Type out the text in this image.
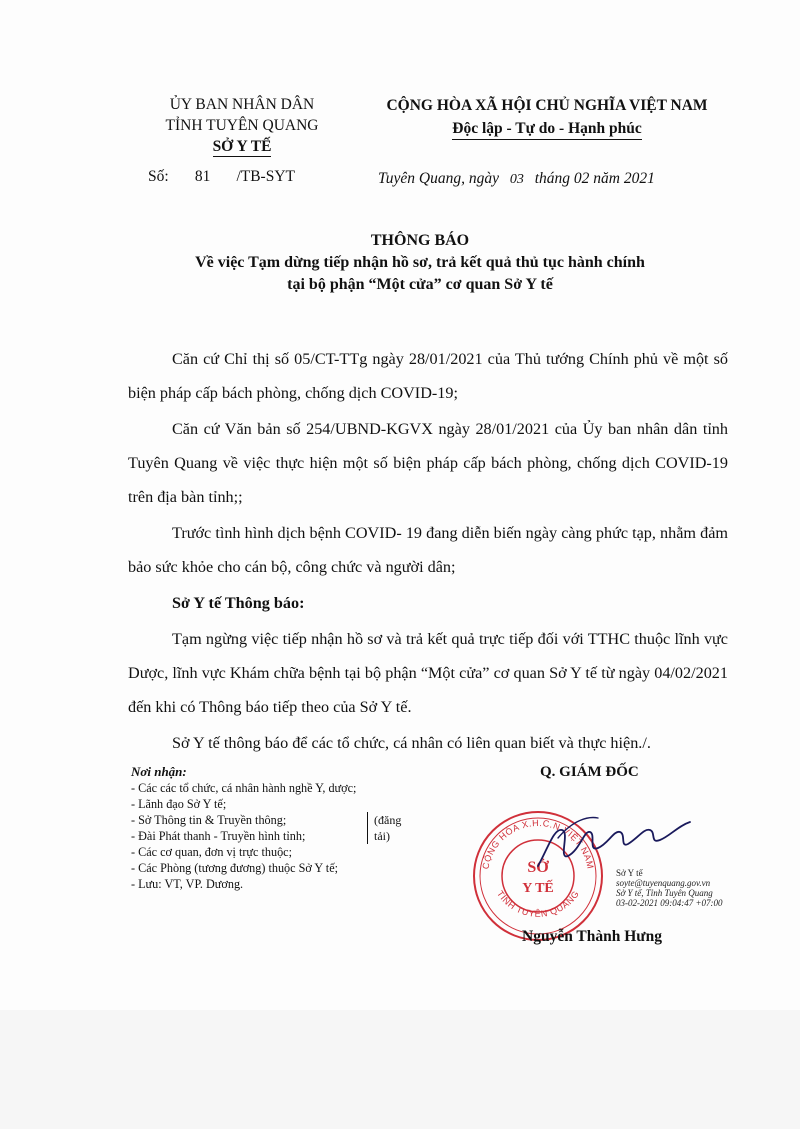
ỦY BAN NHÂN DÂN
TỈNH TUYÊN QUANG
SỞ Y TẾ
CỘNG HÒA XÃ HỘI CHỦ NGHĨA VIỆT NAM
Độc lập - Tự do - Hạnh phúc
Số: 81 /TB-SYT	Tuyên Quang, ngày 03 tháng 02 năm 2021
THÔNG BÁO
Về việc Tạm dừng tiếp nhận hồ sơ, trả kết quả thủ tục hành chính
tại bộ phận “Một cửa” cơ quan Sở Y tế

Căn cứ Chỉ thị số 05/CT-TTg ngày 28/01/2021 của Thủ tướng Chính phủ về một số biện pháp cấp bách phòng, chống dịch COVID-19;

Căn cứ Văn bản số 254/UBND-KGVX ngày 28/01/2021 của Ủy ban nhân dân tỉnh Tuyên Quang về việc thực hiện một số biện pháp cấp bách phòng, chống dịch COVID-19 trên địa bàn tỉnh;;

Trước tình hình dịch bệnh COVID- 19 đang diễn biến ngày càng phức tạp, nhằm đảm bảo sức khỏe cho cán bộ, công chức và người dân;

Sở Y tế Thông báo:

Tạm ngừng việc tiếp nhận hồ sơ và trả kết quả trực tiếp đối với TTHC thuộc lĩnh vực Dược, lĩnh vực Khám chữa bệnh tại bộ phận “Một cửa” cơ quan Sở Y tế từ ngày 04/02/2021 đến khi có Thông báo tiếp theo của Sở Y tế.

Sở Y tế thông báo để các tổ chức, cá nhân có liên quan biết và thực hiện./.

Nơi nhận:
- Các các tổ chức, cá nhân hành nghề Y, dược;
- Lãnh đạo Sở Y tế;
- Sở Thông tin & Truyền thông;
- Đài Phát thanh - Truyền hình tỉnh;
(đăng
tải)
- Các cơ quan, đơn vị trực thuộc;
- Các Phòng (tương đương) thuộc Sở Y tế;
- Lưu: VT, VP. Dương.
Q. GIÁM ĐỐC
CỘNG HÒA X.H.C.N VIỆT NAM
TỈNH TUYÊN QUANG
SỞ
Y TẾ
Sở Y tế
soyte@tuyenquang.gov.vn
Sở Y tế, Tỉnh Tuyên Quang
03-02-2021 09:04:47 +07:00
Nguyễn Thành Hưng
